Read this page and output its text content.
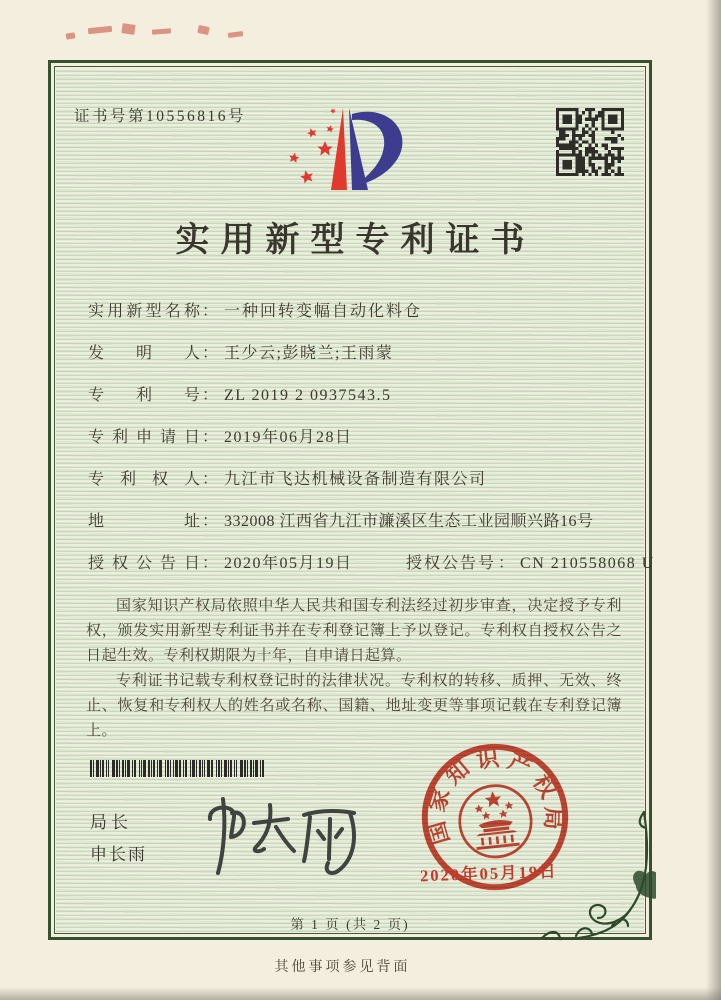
证书号第10556816号
实用新型专利证书
实用新型名称 ： 一种回转变幅自动化料仓
发明人 ： 王少云;彭晓兰;王雨蒙
专利号 ： ZL 2019 2 0937543.5
专利申请日 ： 2019年06月28日
专利权人 ： 九江市飞达机械设备制造有限公司
地址 ： 332008 江西省九江市濂溪区生态工业园顺兴路16号
授权公告日 ： 2020年05月19日	授权公告号 ： CN 210558068 U

国家知识产权局依照中华人民共和国专利法经过初步审查，决定授予专利权，颁发实用新型专利证书并在专利登记簿上予以登记。专利权自授权公告之日起生效。专利权期限为十年，自申请日起算。

专利证书记载专利权登记时的法律状况。专利权的转移、质押、无效、终止、恢复和专利权人的姓名或名称、国籍、地址变更等事项记载在专利登记簿上。

局长
申长雨
国家知识产权局
2020年05月19日
第 1 页 (共 2 页)
其他事项参见背面
